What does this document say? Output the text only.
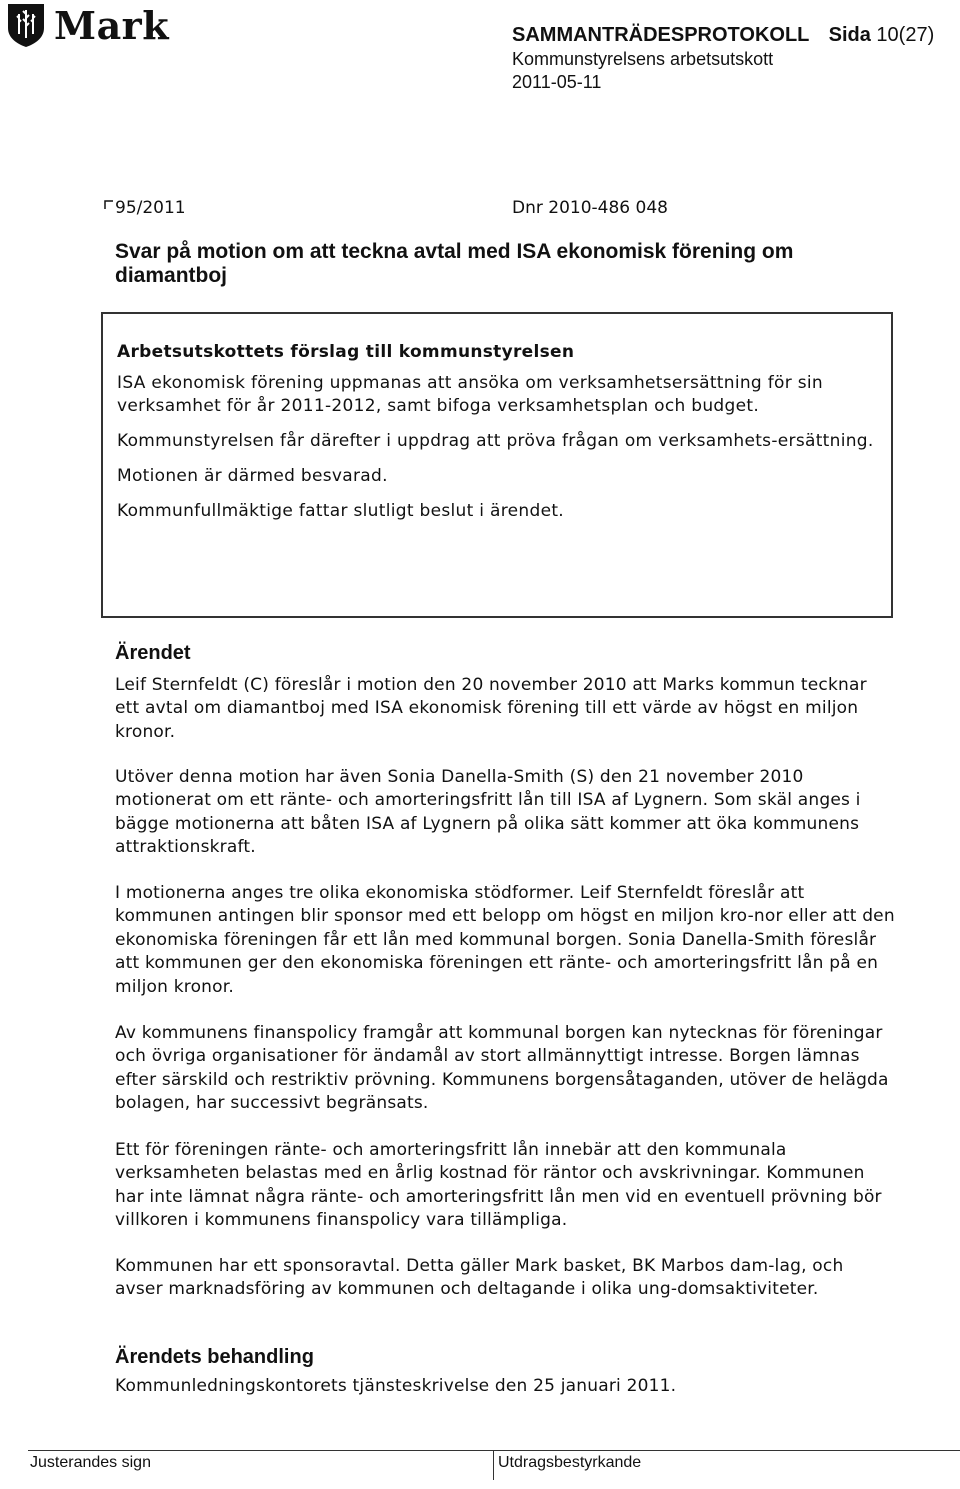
Mark	SAMMANTRÄDESPROTOKOLL Sida 10(27)
Kommunstyrelsens arbetsutskott
2011-05-11
95/2011	Dnr 2010-486 048
Svar på motion om att teckna avtal med ISA ekonomisk förening om diamantboj
Arbetsutskottets förslag till kommunstyrelsen

ISA ekonomisk förening uppmanas att ansöka om verksamhetsersättning för sin verksamhet för år 2011-2012, samt bifoga verksamhetsplan och budget.

Kommunstyrelsen får därefter i uppdrag att pröva frågan om verksamhets-ersättning.

Motionen är därmed besvarad.

Kommunfullmäktige fattar slutligt beslut i ärendet.

Ärendet

Leif Sternfeldt (C) föreslår i motion den 20 november 2010 att Marks kommun tecknar ett avtal om diamantboj med ISA ekonomisk förening till ett värde av högst en miljon kronor.

Utöver denna motion har även Sonia Danella-Smith (S) den 21 november 2010 motionerat om ett ränte- och amorteringsfritt lån till ISA af Lygnern. Som skäl anges i bägge motionerna att båten ISA af Lygnern på olika sätt kommer att öka kommunens attraktionskraft.

I motionerna anges tre olika ekonomiska stödformer. Leif Sternfeldt föreslår att kommunen antingen blir sponsor med ett belopp om högst en miljon kro-nor eller att den ekonomiska föreningen får ett lån med kommunal borgen. Sonia Danella-Smith föreslår att kommunen ger den ekonomiska föreningen ett ränte- och amorteringsfritt lån på en miljon kronor.

Av kommunens finanspolicy framgår att kommunal borgen kan nytecknas för föreningar och övriga organisationer för ändamål av stort allmännyttigt intresse. Borgen lämnas efter särskild och restriktiv prövning. Kommunens borgensåtaganden, utöver de helägda bolagen, har successivt begränsats.

Ett för föreningen ränte- och amorteringsfritt lån innebär att den kommunala verksamheten belastas med en årlig kostnad för räntor och avskrivningar. Kommunen har inte lämnat några ränte- och amorteringsfritt lån men vid en eventuell prövning bör villkoren i kommunens finanspolicy vara tillämpliga.

Kommunen har ett sponsoravtal. Detta gäller Mark basket, BK Marbos dam-lag, och avser marknadsföring av kommunen och deltagande i olika ung-domsaktiviteter.

Ärendets behandling

Kommunledningskontorets tjänsteskrivelse den 25 januari 2011.

Justerandes sign	Utdragsbestyrkande
